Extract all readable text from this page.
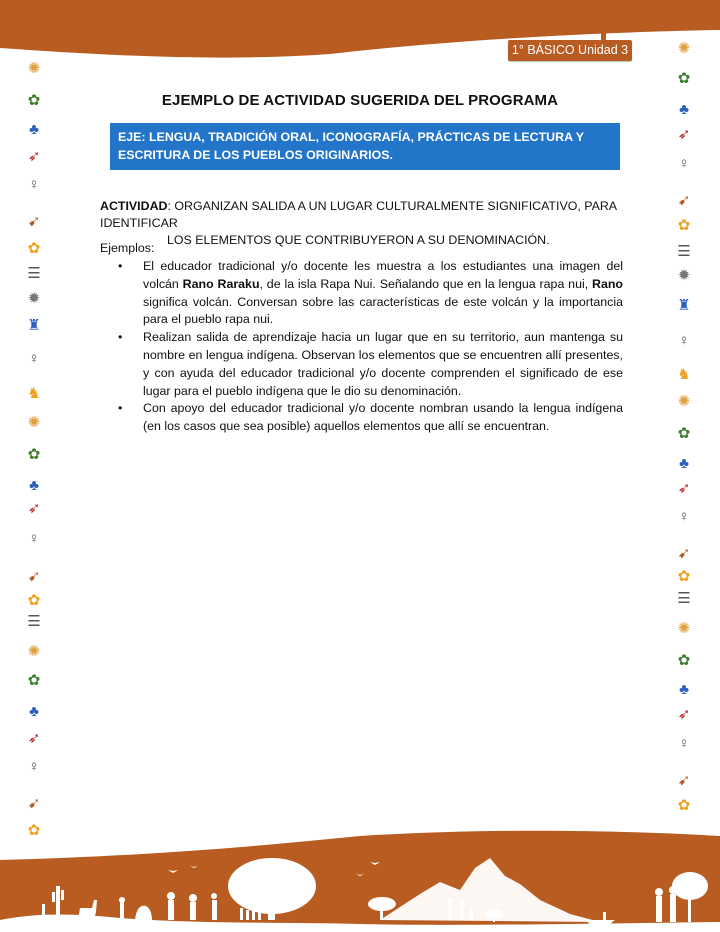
1° BÁSICO Unidad 3
✺
✿
♣
➶
♀
➹
✿
☰
✹
♜
♀
♞
✺
✿
♣
➶
♀
➹
✿
☰
✺
✿
♣
➶
♀
➹
✿
✺
✿
♣
➶
♀
➹
✿
☰
✹
♜
♀
♞
✺
✿
♣
➶
♀
➹
✿
☰
✺
✿
♣
➶
♀
➹
✿
EJEMPLO DE ACTIVIDAD SUGERIDA DEL PROGRAMA
EJE: LENGUA, TRADICIÓN ORAL, ICONOGRAFÍA, PRÁCTICAS DE LECTURA Y ESCRITURA DE LOS PUEBLOS ORIGINARIOS.
ACTIVIDAD: ORGANIZAN SALIDA A UN LUGAR CULTURALMENTE SIGNIFICATIVO, PARA IDENTIFICAR
LOS ELEMENTOS QUE CONTRIBUYERON A SU DENOMINACIÓN.
Ejemplos:
• El educador tradicional y/o docente les muestra a los estudiantes una imagen del volcán Rano Raraku, de la isla Rapa Nui. Señalando que en la lengua rapa nui, Rano significa volcán. Conversan sobre las características de este volcán y la importancia para el pueblo rapa nui.
• Realizan salida de aprendizaje hacia un lugar que en su territorio, aun mantenga su nombre en lengua indígena. Observan los elementos que se encuentren allí presentes, y con ayuda del educador tradicional y/o docente comprenden el significado de ese lugar para el pueblo indígena que le dio su denominación.
• Con apoyo del educador tradicional y/o docente nombran usando la lengua indígena (en los casos que sea posible) aquellos elementos que allí se encuentran.
